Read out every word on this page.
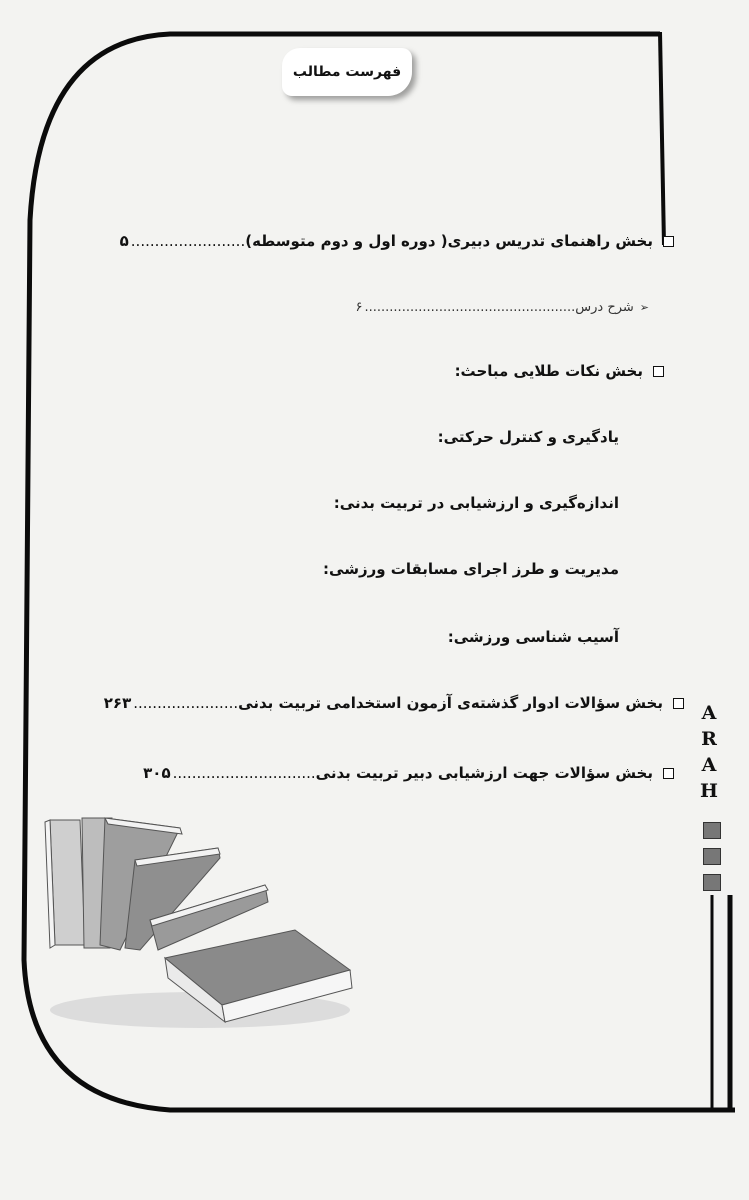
فهرست مطالب
بخش راهنمای تدریس دبیری( دوره اول و دوم متوسطه)........................۵
➢شرح درس...................................................۶
بخش نکات طلایی مباحث:
یادگیری و کنترل حرکتی:
اندازه‌گیری و ارزشیابی در تربیت بدنی:
مدیریت و طرز اجرای مسابقات ورزشی:
آسیب شناسی ورزشی:
بخش سؤالات ادوار گذشته‌ی آزمون استخدامی تربیت بدنی......................۲۶۳
بخش سؤالات جهت ارزشیابی دبیر تربیت بدنی..............................۳۰۵
A
R
A
H
